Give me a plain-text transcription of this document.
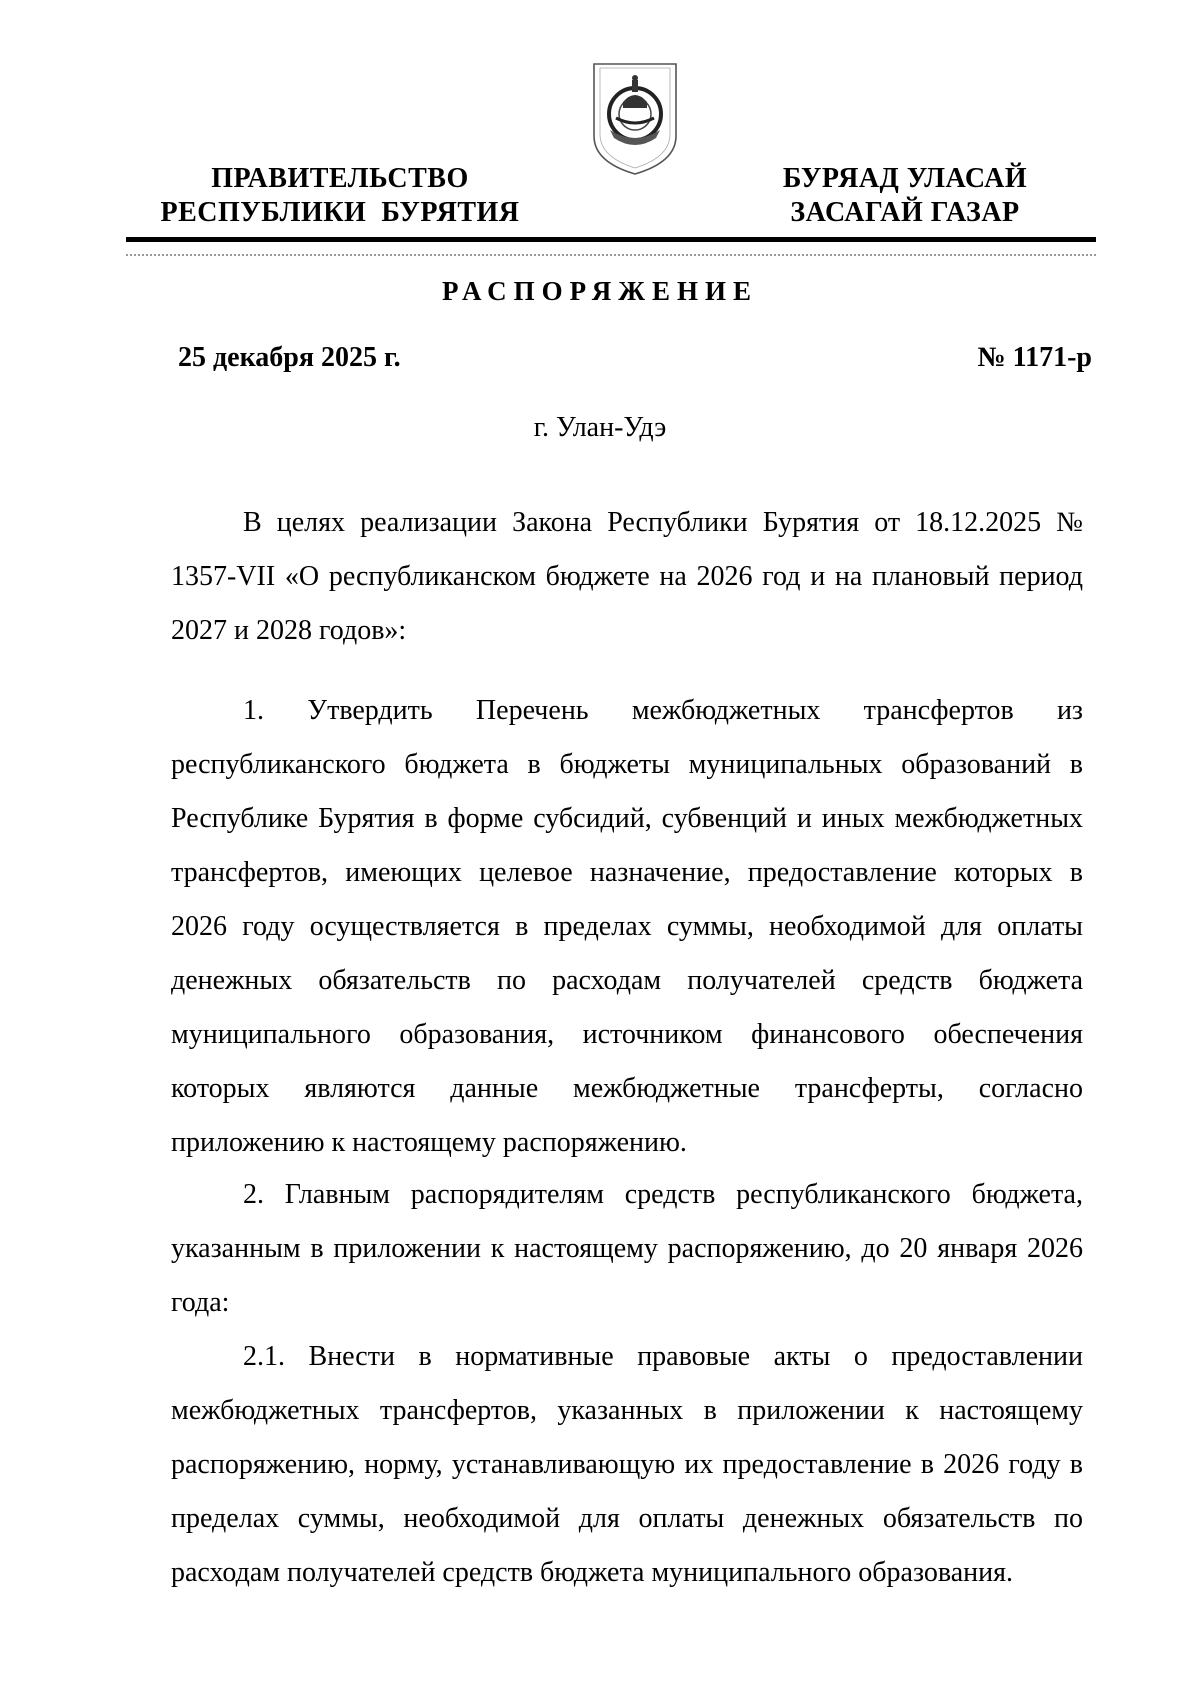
ПРАВИТЕЛЬСТВО
РЕСПУБЛИКИ  БУРЯТИЯ
БУРЯАД УЛАСАЙ
ЗАСАГАЙ ГАЗАР
РАСПОРЯЖЕНИЕ
25 декабря 2025 г.	№ 1171-р
г. Улан-Удэ

В целях реализации Закона Республики Бурятия от 18.12.2025 № 1357-VII «О республиканском бюджете на 2026 год и на плановый период 2027 и 2028 годов»:

1. Утвердить Перечень межбюджетных трансфертов из республиканского бюджета в бюджеты муниципальных образований в Республике Бурятия в форме субсидий, субвенций и иных межбюджетных трансфертов, имеющих целевое назначение, предоставление которых в 2026 году осуществляется в пределах суммы, необходимой для оплаты денежных обязательств по расходам получателей средств бюджета муниципального образования, источником финансового обеспечения которых являются данные межбюджетные трансферты, согласно приложению к настоящему распоряжению.

2. Главным распорядителям средств республиканского бюджета, указанным в приложении к настоящему распоряжению, до 20 января 2026 года:

2.1. Внести в нормативные правовые акты о предоставлении межбюджетных трансфертов, указанных в приложении к настоящему распоряжению, норму, устанавливающую их предоставление в 2026 году в пределах суммы, необходимой для оплаты денежных обязательств по расходам получателей средств бюджета муниципального образования.
